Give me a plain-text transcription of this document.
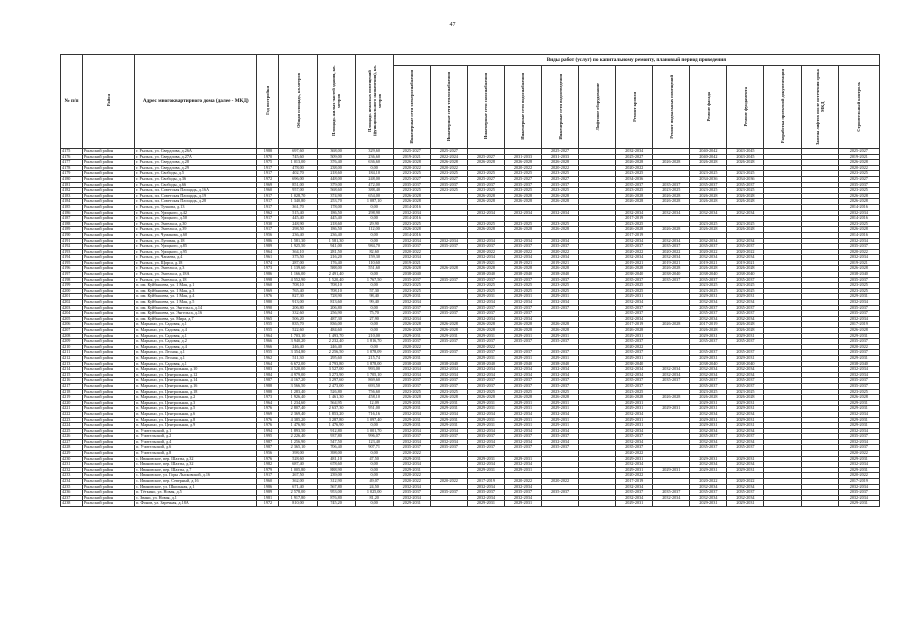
47
№ п/п	Район	Адрес многоквартирного дома (далее - МКД)	Год постройки	Общая площадь, кв.метров	Площадь жилых частей здания, кв. метров	Площадь нежилых помещений (функционального назначения), кв. метров	Виды работ (услуг) по капитальному ремонту, плановый период проведения												
							Инженерные сети электроснабжения	Инженерные сети теплоснабжения	Инженерные сети газоснабжения	Инженерные сети водоснабжения	Инженерные сети водоотведения	Лифтовое оборудование	Ремонт кровли	Ремонт подвальных помещений	Ремонт фасада	Ремонт фундамента	Разработка проектной документации	Замена лифтов после истечения срока МКД	Строительный контроль
4175	Рыльский район	г. Рыльск, ул. Свердлова, д.26А	1988	697,60	368,00	329,60	2025-2027	2025-2027			2025-2027		2032-2034		2040-2042	2043-2045			2025-2027
4176	Рыльский район	г. Рыльск, ул. Свердлова, д.27А	1970	745,60	509,00	236,60	2019-2021	2022-2024	2025-2027	2031-2033	2031-2033		2025-2027		2040-2042	2043-2045			2019-2021
4177	Рыльский район	г. Рыльск, ул. Свердлова, д.28	1975	1 013,00	376,40	636,60	2026-2028	2026-2028	2026-2028	2026-2028	2026-2028		2026-2028	2026-2028	2026-2028	2026-2028			2026-2028
4178	Рыльский район	г. Рыльск, ул. Свердлова, д.29	1917	478,00	238,00	0,00	2020-2022	2020-2022		2020-2022	2020-2022		2020-2022						2020-2022
4179	Рыльский район	г. Рыльск, ул. Свободы, д.5	1917	402,70	218,60	184,10	2023-2025	2023-2025	2023-2025	2023-2025	2023-2025		2023-2025		2023-2025	2023-2025			2023-2025
4180	Рыльский район	г. Рыльск, ул. Свободы, д.36	1972	696,00	448,00	248,00	2025-2027	2025-2027	2025-2027	2025-2027	2025-2027		2034-2036		2034-2036	2034-2036			2025-2027
4181	Рыльский район	г. Рыльск, ул. Свободы, д.66	1969	851,00	379,00	472,00	2035-2037	2035-2037	2035-2037	2035-2037	2035-2037		2035-2037	2035-2037	2035-2037	2035-2037			2035-2037
4182	Рыльский район	г. Рыльск, пл. Советская Площадь, д.16А	1960	957,00	568,60	388,40	2023-2025	2023-2025	2023-2025	2023-2025	2023-2025		2023-2025	2023-2025	2023-2025	2023-2025			2023-2025
4183	Рыльский район	г. Рыльск, пл. Советская Площадь, д.19	1917	1 028,70	374,90	654,00	2026-2028		2026-2028	2026-2028	2026-2028		2026-2028	2026-2028	2026-2028	2026-2028			2026-2028
4184	Рыльский район	г. Рыльск, пл. Советская Площадь, д.28	1917	1 340,80	253,70	1 087,10	2026-2028		2026-2028	2026-2028	2026-2028		2026-2028	2026-2028	2026-2028	2026-2028			2026-2028
4185	Рыльский район	г. Рыльск, ул. Тучкова, д.13	1917	361,70	178,00	0,00	2014-2016												2014-2016
4186	Рыльский район	г. Рыльск, ул. Урицкого, д.42	1962	515,40	186,50	298,90	2032-2034		2032-2034	2032-2034	2032-2034		2032-2034	2032-2034	2032-2034	2032-2034			2032-2034
4187	Рыльский район	г. Рыльск, ул. Урицкого, д.50	1917	445,40	445,40	0,00	2014-2016						2017-2019						2014-2016
4188	Рыльский район	г. Рыльск, ул. Энгельса, д.30	1930	248,90	218,60	29,90	2023-2025		2023-2025	2023-2025	2023-2025		2023-2025		2023-2025	2023-2025			2023-2025
4189	Рыльский район	г. Рыльск, ул. Энгельса, д.39	1917	298,50	186,50	112,00	2026-2028		2026-2028	2026-2028	2026-2028		2026-2028	2026-2028	2026-2028	2026-2028			2026-2028
4190	Рыльский район	г. Рыльск, ул. Чумакова, д.60	1956	236,40	236,40	0,00	2014-2016						2017-2019						2014-2016
4191	Рыльский район	г. Рыльск, ул. Луговая, д.18	1986	1 581,30	1 581,30	0,00	2032-2034	2032-2034	2032-2034	2032-2034	2032-2034		2032-2034	2032-2034	2032-2034	2032-2034			2032-2034
4192	Рыльский район	г. Рыльск, ул. Урицкого, д.85	1989	1 925,50	941,00	984,70	2035-2037	2035-2037	2035-2037	2035-2037	2035-2037		2035-2037	2035-2037	2035-2037	2035-2037			2035-2037
4193	Рыльский район	г. Рыльск, ул. Урицкого, д.95	1964	364,10	281,50	82,60	2020-2022		2020-2022	2020-2022	2020-2022		2020-2022	2020-2022	2020-2022	2020-2022			2020-2022
4194	Рыльский район	г. Рыльск, ул. Чапаева, д.4	1961	375,50	216,20	159,30	2032-2034		2032-2034	2032-2034	2032-2034		2032-2034	2032-2034	2032-2034	2032-2034			2032-2034
4195	Рыльский район	г. Рыльск, ул. Щорса, д.18	1974	287,00	176,40	110,60	2019-2021		2019-2021	2019-2021	2019-2021		2019-2021	2019-2021	2019-2021	2019-2021			2019-2021
4196	Рыльский район	г. Рыльск, ул. Энгельса, д.3	1973	1 139,60	588,00	551,60	2026-2028	2026-2028	2026-2028	2026-2028	2026-2028		2026-2028	2026-2028	2026-2028	2026-2028			2026-2028
4197	Рыльский район	г. Рыльск, ул. Энгельса, д.18А	1986	1 166,00	2 491,40	0,00	2038-2040		2038-2040	2038-2040	2038-2040		2038-2040	2038-2040	2038-2040	2038-2040			2038-2040
4198	Рыльский район	г. Рыльск, ул. Энгельса, д.18	1998	4 552,90	1 520,40	1 767,50	2035-2037	2035-2037	2035-2037	2035-2037	2035-2037		2035-2037	2035-2037	2035-2037	2035-2037			2035-2037
4199	Рыльский район	п. им. Куйбышева, ул. 1 Мая, д.1	1960	708,10	708,10	0,00	2023-2025		2023-2025	2023-2025	2023-2025		2023-2025		2023-2025	2023-2025			2023-2025
4200	Рыльский район	п. им. Куйбышева, ул. 1 Мая, д.3	1969	765,40	708,10	57,30	2023-2025		2023-2025	2023-2025	2023-2025		2023-2025		2023-2025	2023-2025			2023-2025
4201	Рыльский район	п. им. Куйбышева, ул. 1 Мая, д.4	1976	827,30	728,90	98,40	2029-2031		2029-2031	2029-2031	2029-2031		2029-2031		2029-2031	2029-2031			2029-2031
4202	Рыльский район	п. им. Куйбышева, ул. 1 Мая, д.5	1980	913,00	813,60	99,40	2032-2034		2032-2034	2032-2034	2032-2034		2032-2034		2032-2034	2032-2034			2032-2034
4203	Рыльский район	п. им. Куйбышева, ул. Энгельса, д.14	1990	206,80	206,80	0,00	2035-2037	2035-2037	2035-2037	2035-2037	2035-2037		2035-2037		2035-2037	2035-2037			2035-2037
4204	Рыльский район	п. им. Куйбышева, ул. Энгельса, д.16	1994	332,60	256,90	75,70	2035-2037	2035-2037	2035-2037	2035-2037			2035-2037		2035-2037	2035-2037			2035-2037
4205	Рыльский район	п. им. Куйбышева, ул. Мира, д.7	1965	506,20	487,30	27,90	2032-2034		2032-2034	2032-2034			2032-2034		2032-2034	2032-2034			2032-2034
4206	Рыльский район	п. Марьино, ул. Садовая, д.1	1955	835,70	836,00	0,00	2026-2028	2026-2028	2026-2028	2026-2028	2026-2028		2017-2019	2026-2028	2017-2019	2026-2028			2017-2019
4207	Рыльский район	п. Марьино, ул. Садовая, д.4	1955	522,60	484,60	0,00	2026-2028	2026-2028	2026-2028	2026-2028	2026-2028		2026-2028		2026-2028	2026-2028			2026-2028
4208	Рыльский район	п. Марьино, ул. Садовая, д.1	1964	1 703,10	1 493,70	210,00	2029-2031	2029-2031	2029-2031	2029-2031	2029-2031		2029-2031		2029-2031	2029-2031			2029-2031
4209	Рыльский район	п. Марьино, ул. Садовая, д.2	1966	3 940,20	2 232,40	1 816,70	2035-2037	2035-2037	2035-2037	2035-2037	2035-2037		2035-2037		2035-2037	2035-2037			2035-2037
4210	Рыльский район	п. Марьино, ул. Садовая, д.4	1966	246,40	246,40	0,00	2020-2022		2020-2022				2020-2022						2020-2022
4211	Рыльский район	п. Марьино, ул. Лесная, д.1	1955	3 354,80	2 256,50	1 078,09	2035-2037	2035-2037	2035-2037	2035-2037	2035-2037		2035-2037		2035-2037	2035-2037			2035-2037
4212	Рыльский район	п. Марьино, ул. Лесная, д.1	1962	511,30	295,60	215,74	2029-2031		2029-2031	2029-2031	2029-2031		2029-2031		2029-2031	2029-2031			2029-2031
4213	Рыльский район	п. Марьино, ул. Садовая, д.1	1964	6 672,00	4 793,80	1 878,00	2038-2040	2038-2040	2038-2040	2038-2040	2038-2040		2038-2040		2038-2040	2038-2040			2038-2040
4214	Рыльский район	п. Марьино, ул. Центральная, д.10	1983	4 520,00	3 527,00	993,00	2032-2034	2032-2034	2032-2034	2032-2034	2032-2034		2032-2034	2032-2034	2032-2034	2032-2034			2032-2034
4215	Рыльский район	п. Марьино, ул. Центральная, д.12	1984	4 979,00	3 273,90	1 705,10	2032-2034	2032-2034	2032-2034	2032-2034	2032-2034		2032-2034	2032-2034	2032-2034	2032-2034			2032-2034
4216	Рыльский район	п. Марьино, ул. Центральная, д.14	1987	4 167,20	3 297,60	869,60	2035-2037	2035-2037	2035-2037	2035-2037	2035-2037		2035-2037	2035-2037	2035-2037	2035-2037			2035-2037
4217	Рыльский район	п. Марьино, ул. Центральная, д.16	1988	3 566,50	2 473,00	693,50	2035-2037	2035-2037	2035-2037	2035-2037	2035-2037		2035-2037		2035-2037	2035-2037			2035-2037
4218	Рыльский район	п. Марьино, ул. Центральная, д.18	1988	1 283,40	526,80	756,60	2023-2025	2023-2025	2023-2025	2023-2025	2023-2025		2023-2025		2023-2025	2023-2025			2023-2025
4219	Рыльский район	п. Марьино, ул. Центральная, д.2	1973	1 926,40	1 461,30	458,10	2026-2028	2026-2028	2026-2028	2026-2028	2026-2028		2026-2028	2026-2028	2026-2028	2026-2028			2026-2028
4220	Рыльский район	п. Марьино, ул. Центральная, д.3	1964	1 234,60	564,95	12,09	2029-2031	2029-2031	2029-2031	2029-2031	2029-2031		2029-2031		2029-2031	2029-2031			2029-2031
4221	Рыльский район	п. Марьино, ул. Центральная, д.5	1976	2 807,40	2 637,30	951,00	2029-2031	2029-2031	2029-2031	2029-2031	2029-2031		2029-2031	2029-2031	2029-2031	2029-2031			2029-2031
4222	Рыльский район	п. Марьино, ул. Центральная, д.6	1969	2 369,40	1 853,20	716,16	2032-2034	2032-2034	2032-2034	2032-2034	2032-2034		2032-2034		2032-2034	2032-2034			2032-2034
4223	Рыльский район	п. Марьино, ул. Центральная, д.8	1976	4 385,20	3 287,80	1 097,40	2029-2031	2029-2031	2029-2031	2029-2031	2029-2031		2029-2031		2029-2031	2029-2031			2029-2031
4224	Рыльский район	п. Марьино, ул. Центральная, д.9	1976	1 476,90	1 476,90	0,00	2029-2031	2029-2031	2029-2031	2029-2031	2029-2031		2029-2031		2029-2031	2029-2031			2029-2031
4225	Рыльский район	п. Учительский, д.1	1994	1 893,50	912,80	1 001,70	2032-2034	2032-2034	2032-2034	2032-2034	2032-2034		2032-2034		2032-2034	2032-2034			2032-2034
4226	Рыльский район	п. Учительский, д.2	1995	2 226,40	937,80	996,07	2035-2037	2035-2037	2035-2037	2035-2037	2035-2037		2035-2037		2035-2037	2035-2037			2035-2037
4227	Рыльский район	п. Учительский, д.4	1987	1 256,90	547,50	123,40	2032-2034	2032-2034	2032-2034	2032-2034	2032-2034		2032-2034		2032-2034	2032-2034			2032-2034
4228	Рыльский район	п. Учительский, д.6	1987	2 365,10	706,40	907,71	2035-2037	2035-2037	2035-2037	2035-2037	2035-2037		2035-2037		2035-2037	2035-2037			2035-2037
4229	Рыльский район	п. Учительский, д.8	1956	398,00	398,00	0,00	2020-2022						2020-2022						2020-2022
4230	Рыльский район	с. Ивановское, пер. Шахты, д.32	1976	528,60	481,10	47,50	2029-2031		2029-2031	2029-2031			2029-2031		2029-2031	2029-2031			2029-2031
4231	Рыльский район	с. Ивановское, пер. Шахты, д.32	1982	687,40	678,60	0,00	2032-2034		2032-2034	2032-2034			2032-2034		2032-2034	2032-2034			2032-2034
4232	Рыльский район	с. Ивановское, пер. Шахты, д.7	1979	1 005,80	888,90	0,00	2029-2031		2029-2031	2029-2031			2029-2031	2029-2031	2029-2031	2029-2031			2029-2031
4233	Рыльский район	с. Ивановское, ул. Горы Лысковской, д.16	1917	267,50	239,00	0,00	2020-2022						2020-2022						2020-2022
4234	Рыльский район	с. Ивановское, пер. Северный, д.16	1960	362,00	312,90	49,07	2020-2022	2020-2022	2017-2019	2020-2022	2020-2022		2017-2019		2020-2022	2020-2022			2017-2019
4235	Рыльский район	с. Ивановское, ул. Школьная, д.1	1986	671,40	567,80	24,50	2032-2034		2032-2034	2032-2034			2032-2034		2032-2034	2032-2034			2032-2034
4236	Рыльский район	п. Тёткино, ул. Новая, д.5	1989	2 578,00	953,00	1 025,00	2035-2037	2035-2037	2035-2037	2035-2037	2035-2037		2035-2037	2035-2037	2035-2037	2035-2037			2035-2037
4237	Рыльский район	с. Звани, ул. Новая, д.1	1981	1 917,80	876,80	81,20	2032-2034		2032-2034	2032-2034			2032-2034	2032-2034	2032-2034	2032-2034			2032-2034
4238	Рыльский район	п. Фонов, ул. Заречная, д.18А	1972	810,00	745,20	0,00	2029-2031		2029-2031	2029-2031			2029-2031		2029-2031	2029-2031			2029-2031
